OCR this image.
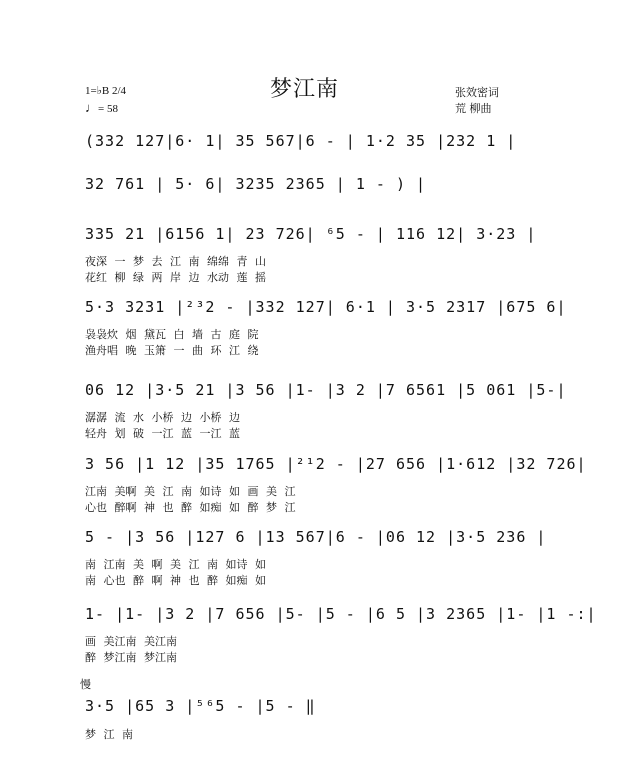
梦江南
1=♭B 2/4
♩= 58
张效密词
荒 柳曲
(332 127|6· 1| 35 567|6 - | 1·2 35 |232 1 |
32 761 | 5· 6| 3235 2365 | 1 - ) |
335 21 |6156 1| 23 726| ⁶5 - | 116 12| 3·23 |
夜深 一 梦 去 江 南 绵绵 青 山
花红 柳 绿 两 岸 边 水动 莲 摇
5·3 3231 |²³2 - |332 127| 6·1 | 3·5 2317 |675 6|
袅袅炊 烟 黛瓦 白 墙 古 庭 院
渔舟唱 晚 玉箫 一 曲 环 江 绕
06 12 |3·5 21 |3 56 |1- |3 2 |7 6561 |5 061 |5-|
潺潺 流 水 小桥 边 小桥 边
轻舟 划 破 一江 蓝 一江 蓝
3 56 |1 12 |35 1765 |²¹2 - |27 656 |1·612 |32 726|
江南 美啊 美 江 南 如诗 如 画 美 江
心也 醉啊 神 也 醉 如痴 如 醉 梦 江
5 - |3 56 |127 6 |13 567|6 - |06 12 |3·5 236 |
南 江南 美 啊 美 江 南 如诗 如
南 心也 醉 啊 神 也 醉 如痴 如
1- |1- |3 2 |7 656 |5- |5 - |6 5 |3 2365 |1- |1 -:|
画 美江南 美江南
醉 梦江南 梦江南
慢
3·5 |65 3 |⁵⁶5 - |5 - ‖
梦 江 南
